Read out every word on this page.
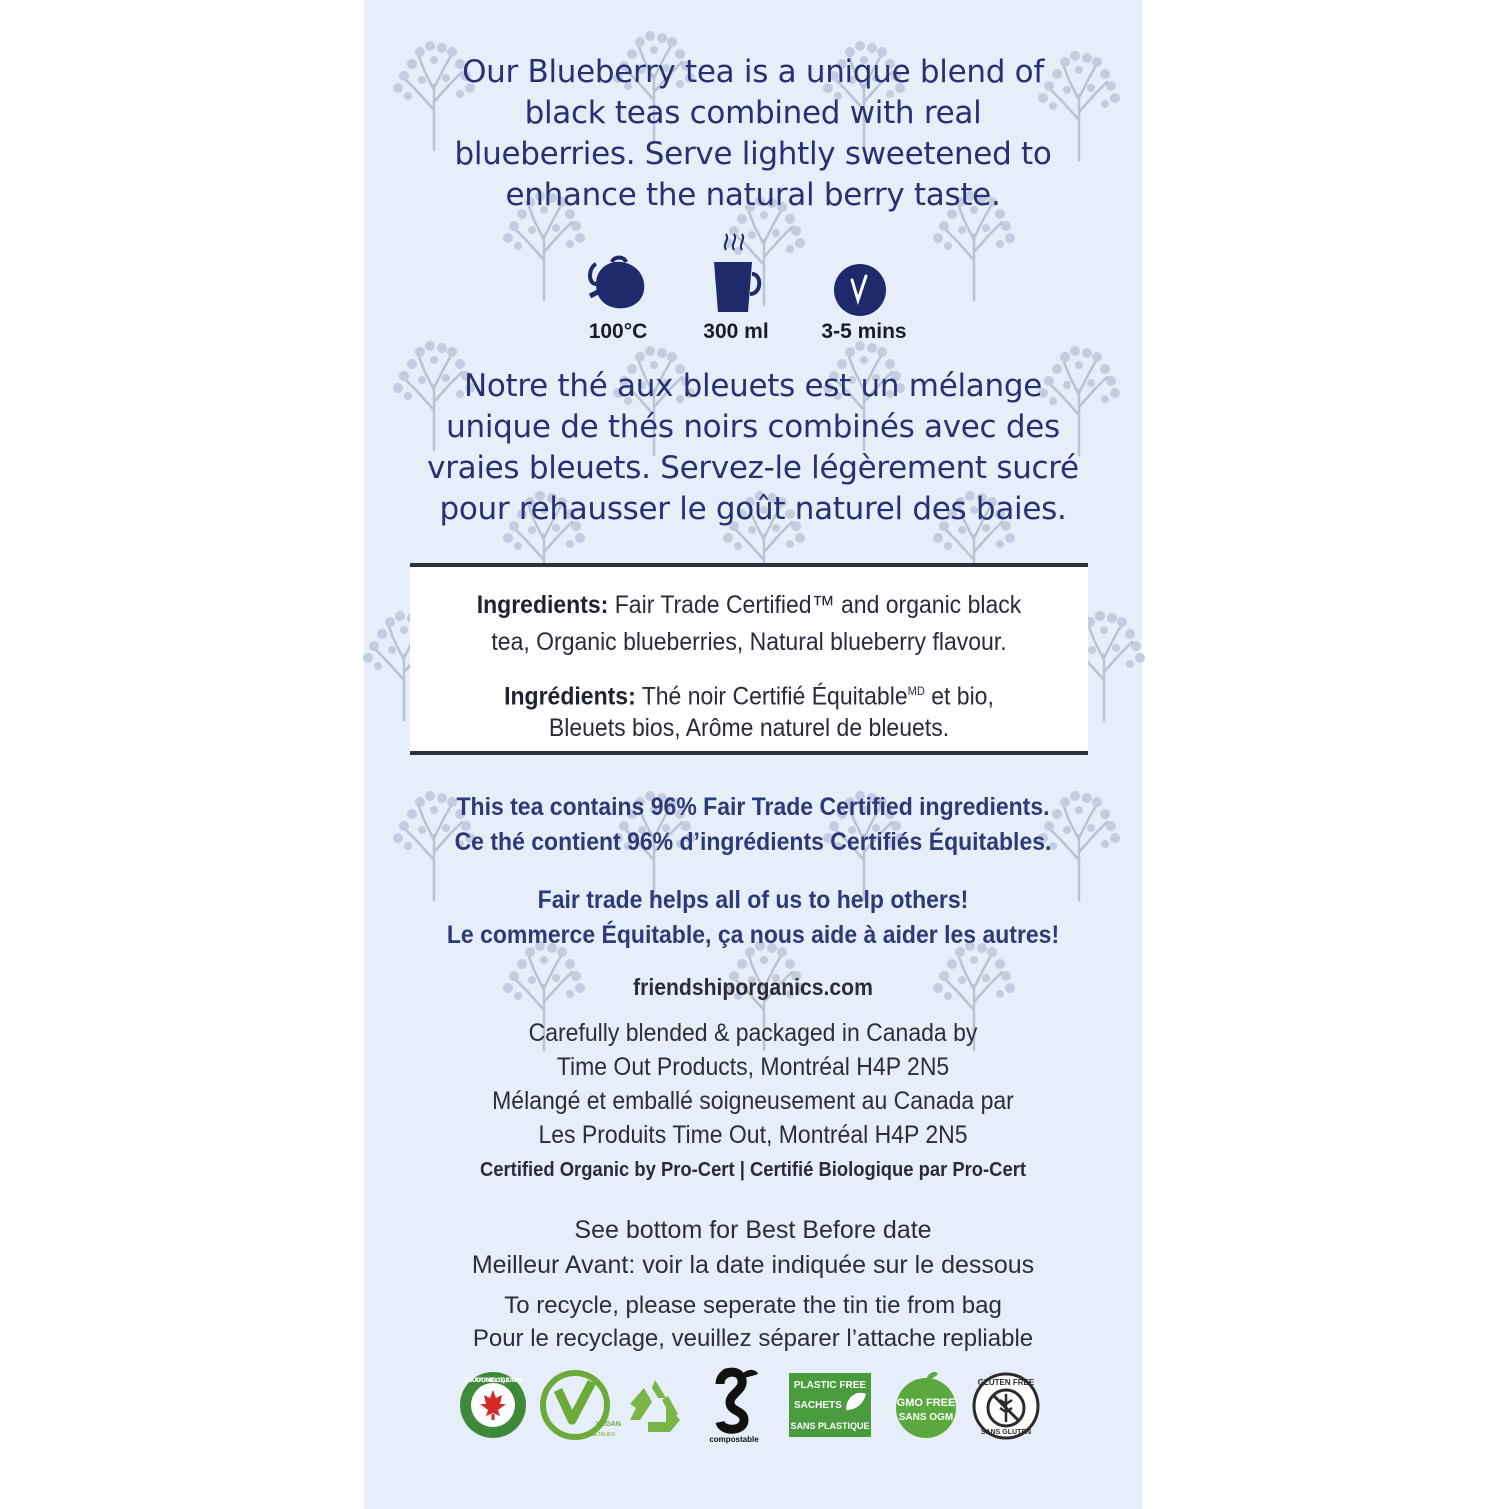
Our Blueberry tea is a unique blend of
black teas combined with real
blueberries. Serve lightly sweetened to
enhance the natural berry taste.
100°C	300 ml	3-5 mins
Notre thé aux bleuets est un mélange
unique de thés noirs combinés avec des
vraies bleuets. Servez-le légèrement sucré
pour rehausser le goût naturel des baies.
Ingredients: Fair Trade Certified™ and organic black
tea, Organic blueberries, Natural blueberry flavour.
Ingrédients: Thé noir Certifié Équitable$^{MD}$ et bio,
Bleuets bios, Arôme naturel de bleuets.
This tea contains 96% Fair Trade Certified ingredients.
Ce thé contient 96% d’ingrédients Certifiés Équitables.
Fair trade helps all of us to help others!
Le commerce Équitable, ça nous aide à aider les autres!
friendshiporganics.com
Carefully blended & packaged in Canada by
Time Out Products, Montréal H4P 2N5
Mélangé et emballé soigneusement au Canada par
Les Produits Time Out, Montréal H4P 2N5
Certified Organic by Pro-Cert | Certifié Biologique par Pro-Cert
See bottom for Best Before date
Meilleur Avant: voir la date indiquée sur le dessous
To recycle, please seperate the tin tie from bag
Pour le recyclage, veuillez séparer l’attache repliable
CANADA ORGANIC • BIOLOGIQUE CANADA
VEGAN
VÉGÉTALIEN	compostable
PLASTIC FREE
SACHETS
SANS PLASTIQUE
GMO FREE
SANS OGM
GLUTEN FREE
SANS GLUTEN
